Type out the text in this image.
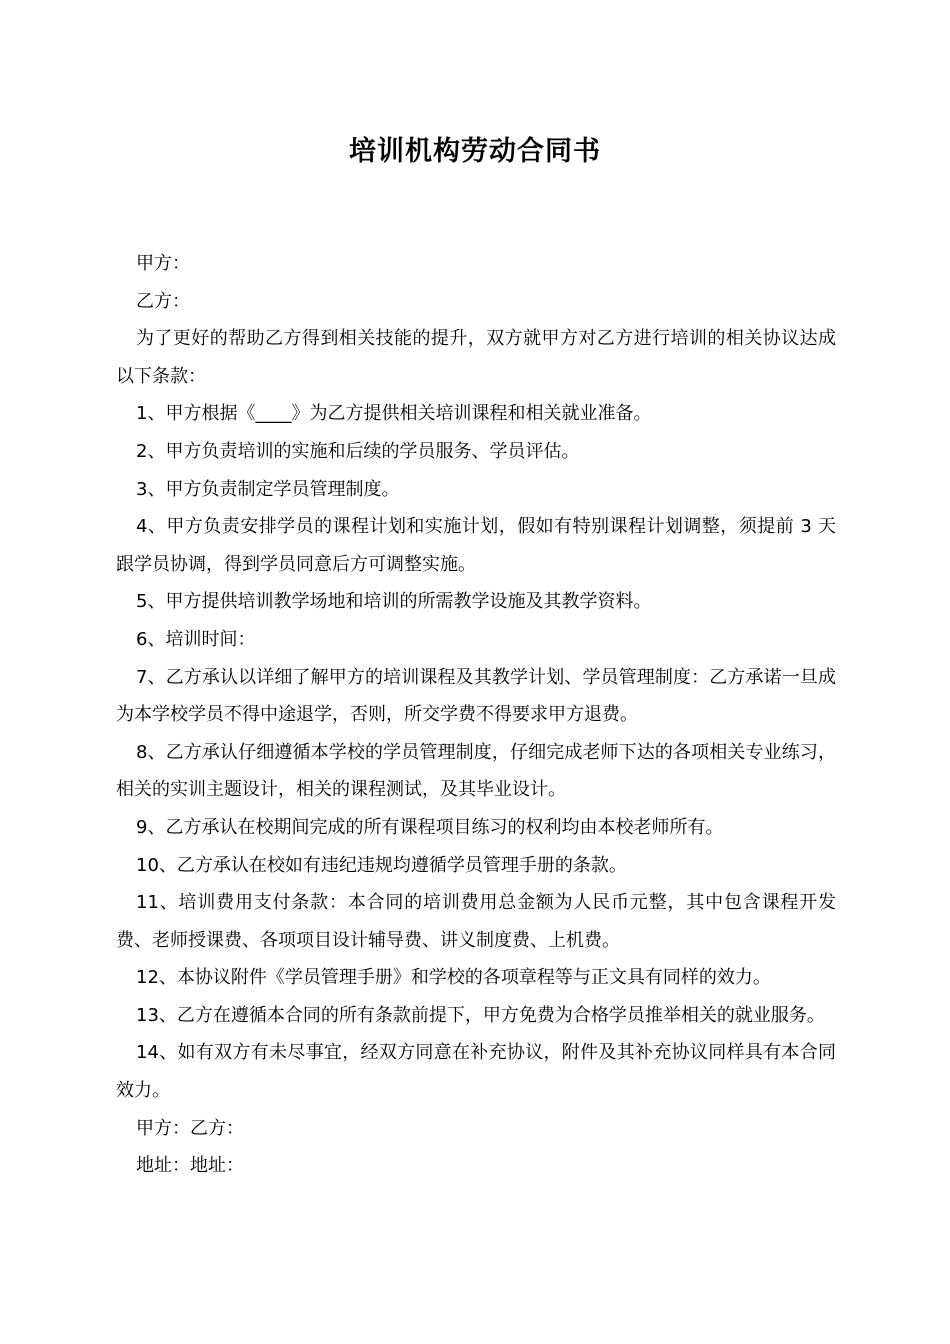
培训机构劳动合同书

甲方：

乙方：

为了更好的帮助乙方得到相关技能的提升，双方就甲方对乙方进行培训的相关协议达成以下条款：

1、甲方根据《____》为乙方提供相关培训课程和相关就业准备。

2、甲方负责培训的实施和后续的学员服务、学员评估。

3、甲方负责制定学员管理制度。

4、甲方负责安排学员的课程计划和实施计划，假如有特别课程计划调整，须提前 3 天跟学员协调，得到学员同意后方可调整实施。

5、甲方提供培训教学场地和培训的所需教学设施及其教学资料。

6、培训时间：

7、乙方承认以详细了解甲方的培训课程及其教学计划、学员管理制度：乙方承诺一旦成为本学校学员不得中途退学，否则，所交学费不得要求甲方退费。

8、乙方承认仔细遵循本学校的学员管理制度，仔细完成老师下达的各项相关专业练习，相关的实训主题设计，相关的课程测试，及其毕业设计。

9、乙方承认在校期间完成的所有课程项目练习的权利均由本校老师所有。

10、乙方承认在校如有违纪违规均遵循学员管理手册的条款。

11、培训费用支付条款：本合同的培训费用总金额为人民币元整，其中包含课程开发费、老师授课费、各项项目设计辅导费、讲义制度费、上机费。

12、本协议附件《学员管理手册》和学校的各项章程等与正文具有同样的效力。

13、乙方在遵循本合同的所有条款前提下，甲方免费为合格学员推举相关的就业服务。

14、如有双方有未尽事宜，经双方同意在补充协议，附件及其补充协议同样具有本合同效力。

甲方：乙方：

地址：地址：
